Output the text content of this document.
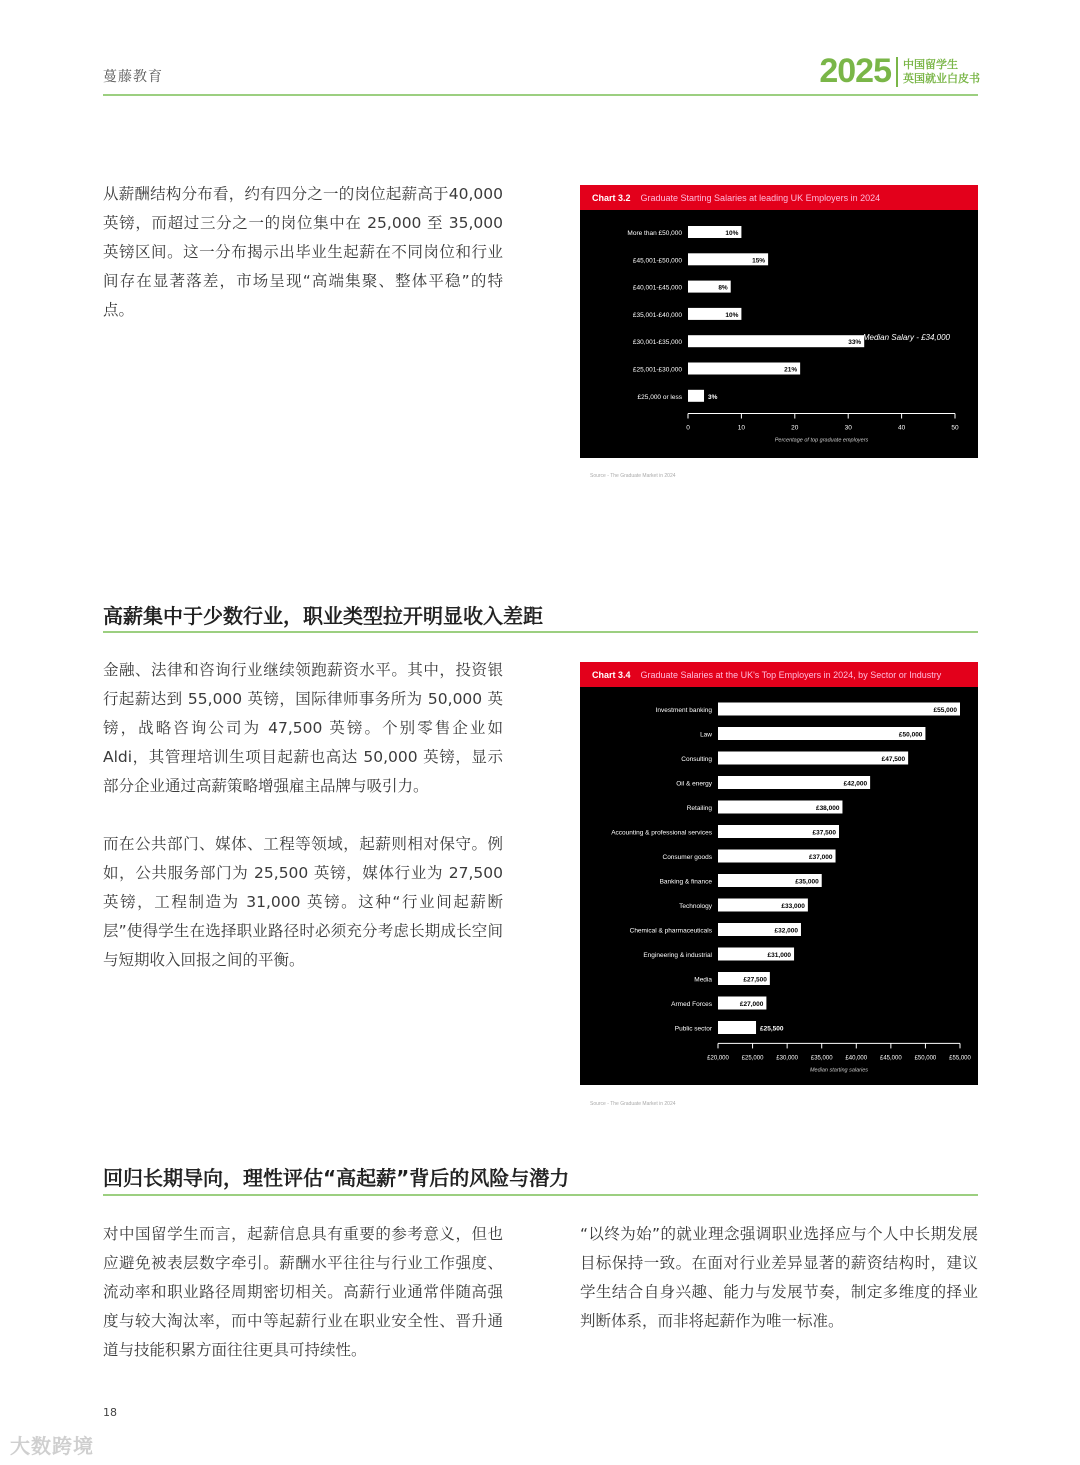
蔓藤教育	2025 中国留学生
英国就业白皮书

从薪酬结构分布看，约有四分之一的岗位起薪高于40,000 英镑，而超过三分之一的岗位集中在 25,000 至 35,000 英镑区间。这一分布揭示出毕业生起薪在不同岗位和行业间存在显著落差，市场呈现“高端集聚、整体平稳”的特点。

Chart 3.2 Graduate Starting Salaries at leading UK Employers in 2024
More than £50,000	10%
£45,001-£50,000	15%
£40,001-£45,000	8%
£35,001-£40,000	10%
£30,001-£35,000	33%
£25,001-£30,000	21%
£25,000 or less	3%
0	10	20	30	40	50
Percentage of top graduate employers
Source - The Graduate Market in 2024
Median Salary - £34,000
高薪集中于少数行业，职业类型拉开明显收入差距

金融、法律和咨询行业继续领跑薪资水平。其中，投资银行起薪达到 55,000 英镑，国际律师事务所为 50,000 英镑，战略咨询公司为 47,500 英镑。个别零售企业如 Aldi，其管理培训生项目起薪也高达 50,000 英镑，显示部分企业通过高薪策略增强雇主品牌与吸引力。

而在公共部门、媒体、工程等领域，起薪则相对保守。例如，公共服务部门为 25,500 英镑，媒体行业为 27,500 英镑，工程制造为 31,000 英镑。这种“行业间起薪断层”使得学生在选择职业路径时必须充分考虑长期成长空间与短期收入回报之间的平衡。

Chart 3.4 Graduate Salaries at the UK's Top Employers in 2024, by Sector or Industry
Investment banking	£55,000
Law	£50,000
Consulting	£47,500
Oil & energy	£42,000
Retailing	£38,000
Accounting & professional services	£37,500
Consumer goods	£37,000
Banking & finance	£35,000
Technology	£33,000
Chemical & pharmaceuticals	£32,000
Engineering & industrial	£31,000
Media	£27,500
Armed Forces	£27,000
Public sector	£25,500
£20,000 £25,000 £30,000 £35,000 £40,000 £45,000 £50,000 £55,000
Median starting salaries
Source - The Graduate Market in 2024
回归长期导向，理性评估“高起薪”背后的风险与潜力

对中国留学生而言，起薪信息具有重要的参考意义，但也应避免被表层数字牵引。薪酬水平往往与行业工作强度、流动率和职业路径周期密切相关。高薪行业通常伴随高强度与较大淘汰率，而中等起薪行业在职业安全性、晋升通道与技能积累方面往往更具可持续性。

“以终为始”的就业理念强调职业选择应与个人中长期发展目标保持一致。在面对行业差异显著的薪资结构时，建议学生结合自身兴趣、能力与发展节奏，制定多维度的择业判断体系，而非将起薪作为唯一标准。

18
大数跨境
